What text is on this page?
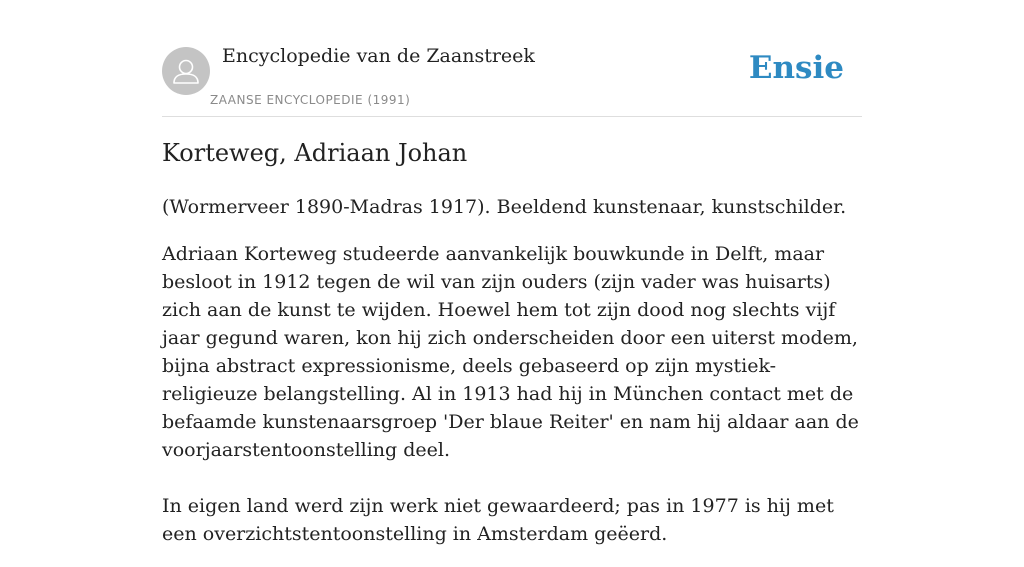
Encyclopedie van de Zaanstreek
ZAANSE ENCYCLOPEDIE (1991)
Ensie
Korteweg, Adriaan Johan

(Wormerveer 1890-Madras 1917). Beeldend kunstenaar, kunstschilder.

Adriaan Korteweg studeerde aanvankelijk bouwkunde in Delft, maar besloot in 1912 tegen de wil van zijn ouders (zijn vader was huisarts) zich aan de kunst te wijden. Hoewel hem tot zijn dood nog slechts vijf jaar gegund waren, kon hij zich onderscheiden door een uiterst modem, bijna abstract expressionisme, deels gebaseerd op zijn mystiek-religieuze belangstelling. Al in 1913 had hij in München contact met de befaamde kunstenaarsgroep 'Der blaue Reiter' en nam hij aldaar aan de voorjaarstentoonstelling deel.

In eigen land werd zijn werk niet gewaardeerd; pas in 1977 is hij met een overzichtstentoonstelling in Amsterdam geëerd.
